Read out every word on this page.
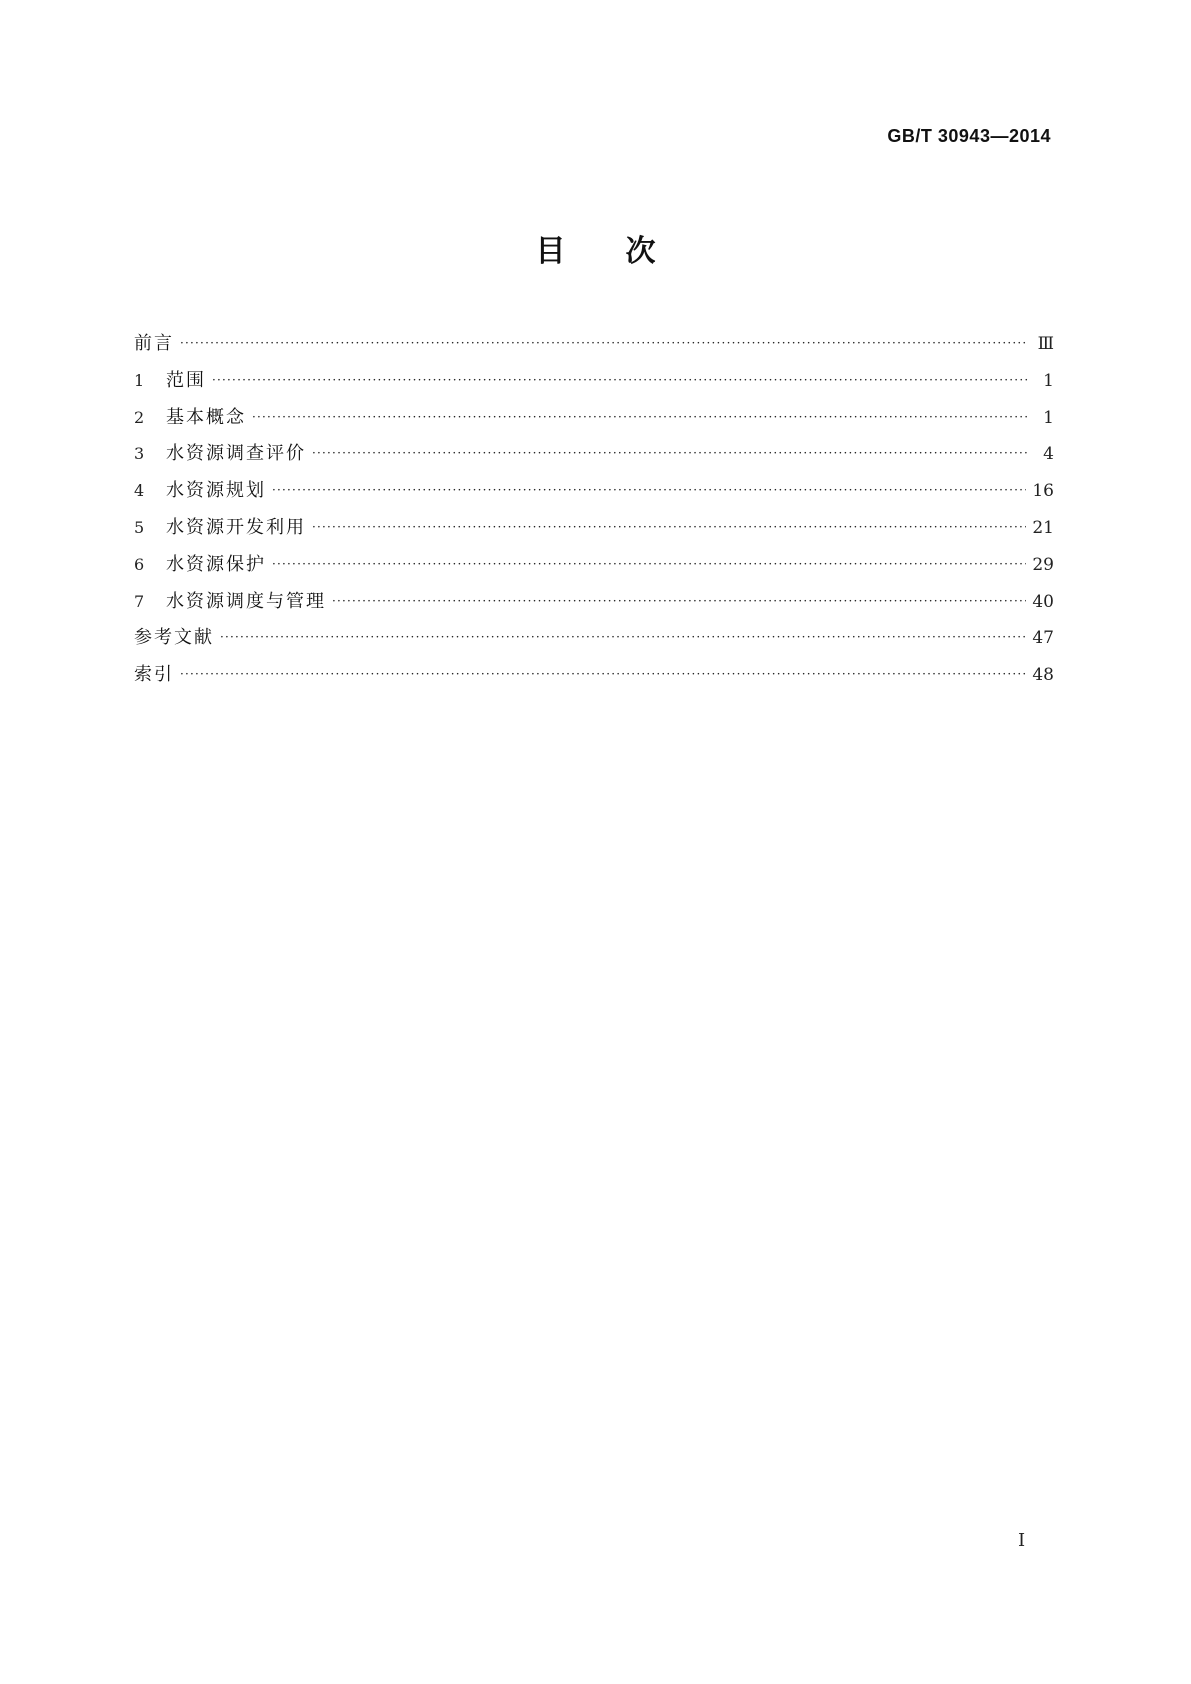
GB/T 30943—2014
目次
前言 ·····	Ⅲ
1	范围 ·····	1
2	基本概念 ·····	1
3	水资源调查评价 ·····	4
4	水资源规划 ·····	16
5	水资源开发利用 ·····	21
6	水资源保护 ·····	29
7	水资源调度与管理 ·····	40
参考文献 ·····	47
索引 ·····	48
I
